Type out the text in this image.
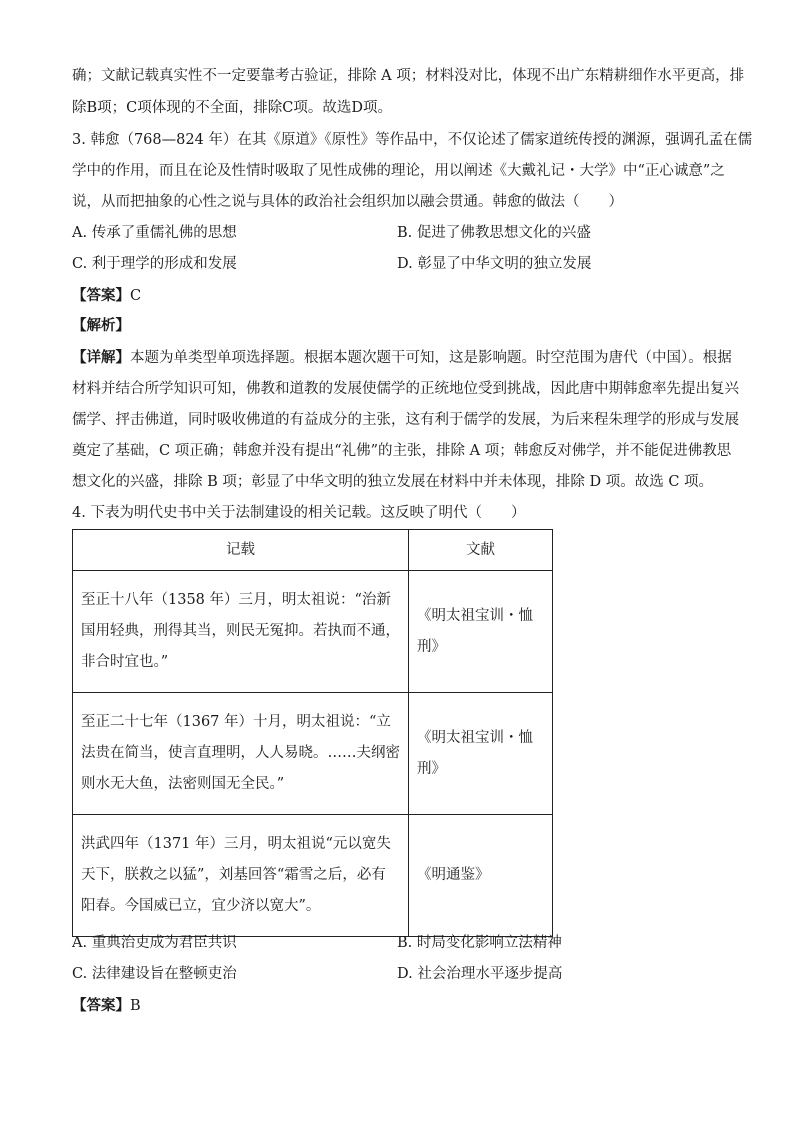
确；文献记载真实性不一定要靠考古验证，排除 A 项；材料没对比，体现不出广东精耕细作水平更高，排
除B项；C项体现的不全面，排除C项。故选D项。
3. 韩愈（768—824 年）在其《原道》《原性》等作品中，不仅论述了儒家道统传授的渊源，强调孔孟在儒
学中的作用，而且在论及性情时吸取了见性成佛的理论，用以阐述《大戴礼记・大学》中“正心诚意”之
说，从而把抽象的心性之说与具体的政治社会组织加以融会贯通。韩愈的做法（　　）
A. 传承了重儒礼佛的思想	B. 促进了佛教思想文化的兴盛
C. 利于理学的形成和发展	D. 彰显了中华文明的独立发展
【答案】C
【解析】
【详解】本题为单类型单项选择题。根据本题次题干可知，这是影响题。时空范围为唐代（中国）。根据
材料并结合所学知识可知，佛教和道教的发展使儒学的正统地位受到挑战，因此唐中期韩愈率先提出复兴
儒学、抨击佛道，同时吸收佛道的有益成分的主张，这有利于儒学的发展，为后来程朱理学的形成与发展
奠定了基础，C 项正确；韩愈并没有提出“礼佛”的主张，排除 A 项；韩愈反对佛学，并不能促进佛教思
想文化的兴盛，排除 B 项；彰显了中华文明的独立发展在材料中并未体现，排除 D 项。故选 C 项。
4. 下表为明代史书中关于法制建设的相关记载。这反映了明代（　　）
记载	文献

至正十八年（1358 年）三月，明太祖说：“治新
国用轻典，刑得其当，则民无冤抑。若执而不通，
非合时宜也。”	《明太祖宝训・恤刑》

至正二十七年（1367 年）十月，明太祖说：“立
法贵在简当，使言直理明，人人易晓。……夫纲密
则水无大鱼，法密则国无全民。”	《明太祖宝训・恤刑》

洪武四年（1371 年）三月，明太祖说“元以宽失
天下，朕救之以猛”，刘基回答“霜雪之后，必有
阳春。今国威已立，宜少济以宽大”。	《明通鉴》
A. 重典治吏成为君臣共识	B. 时局变化影响立法精神
C. 法律建设旨在整顿吏治	D. 社会治理水平逐步提高
【答案】B
